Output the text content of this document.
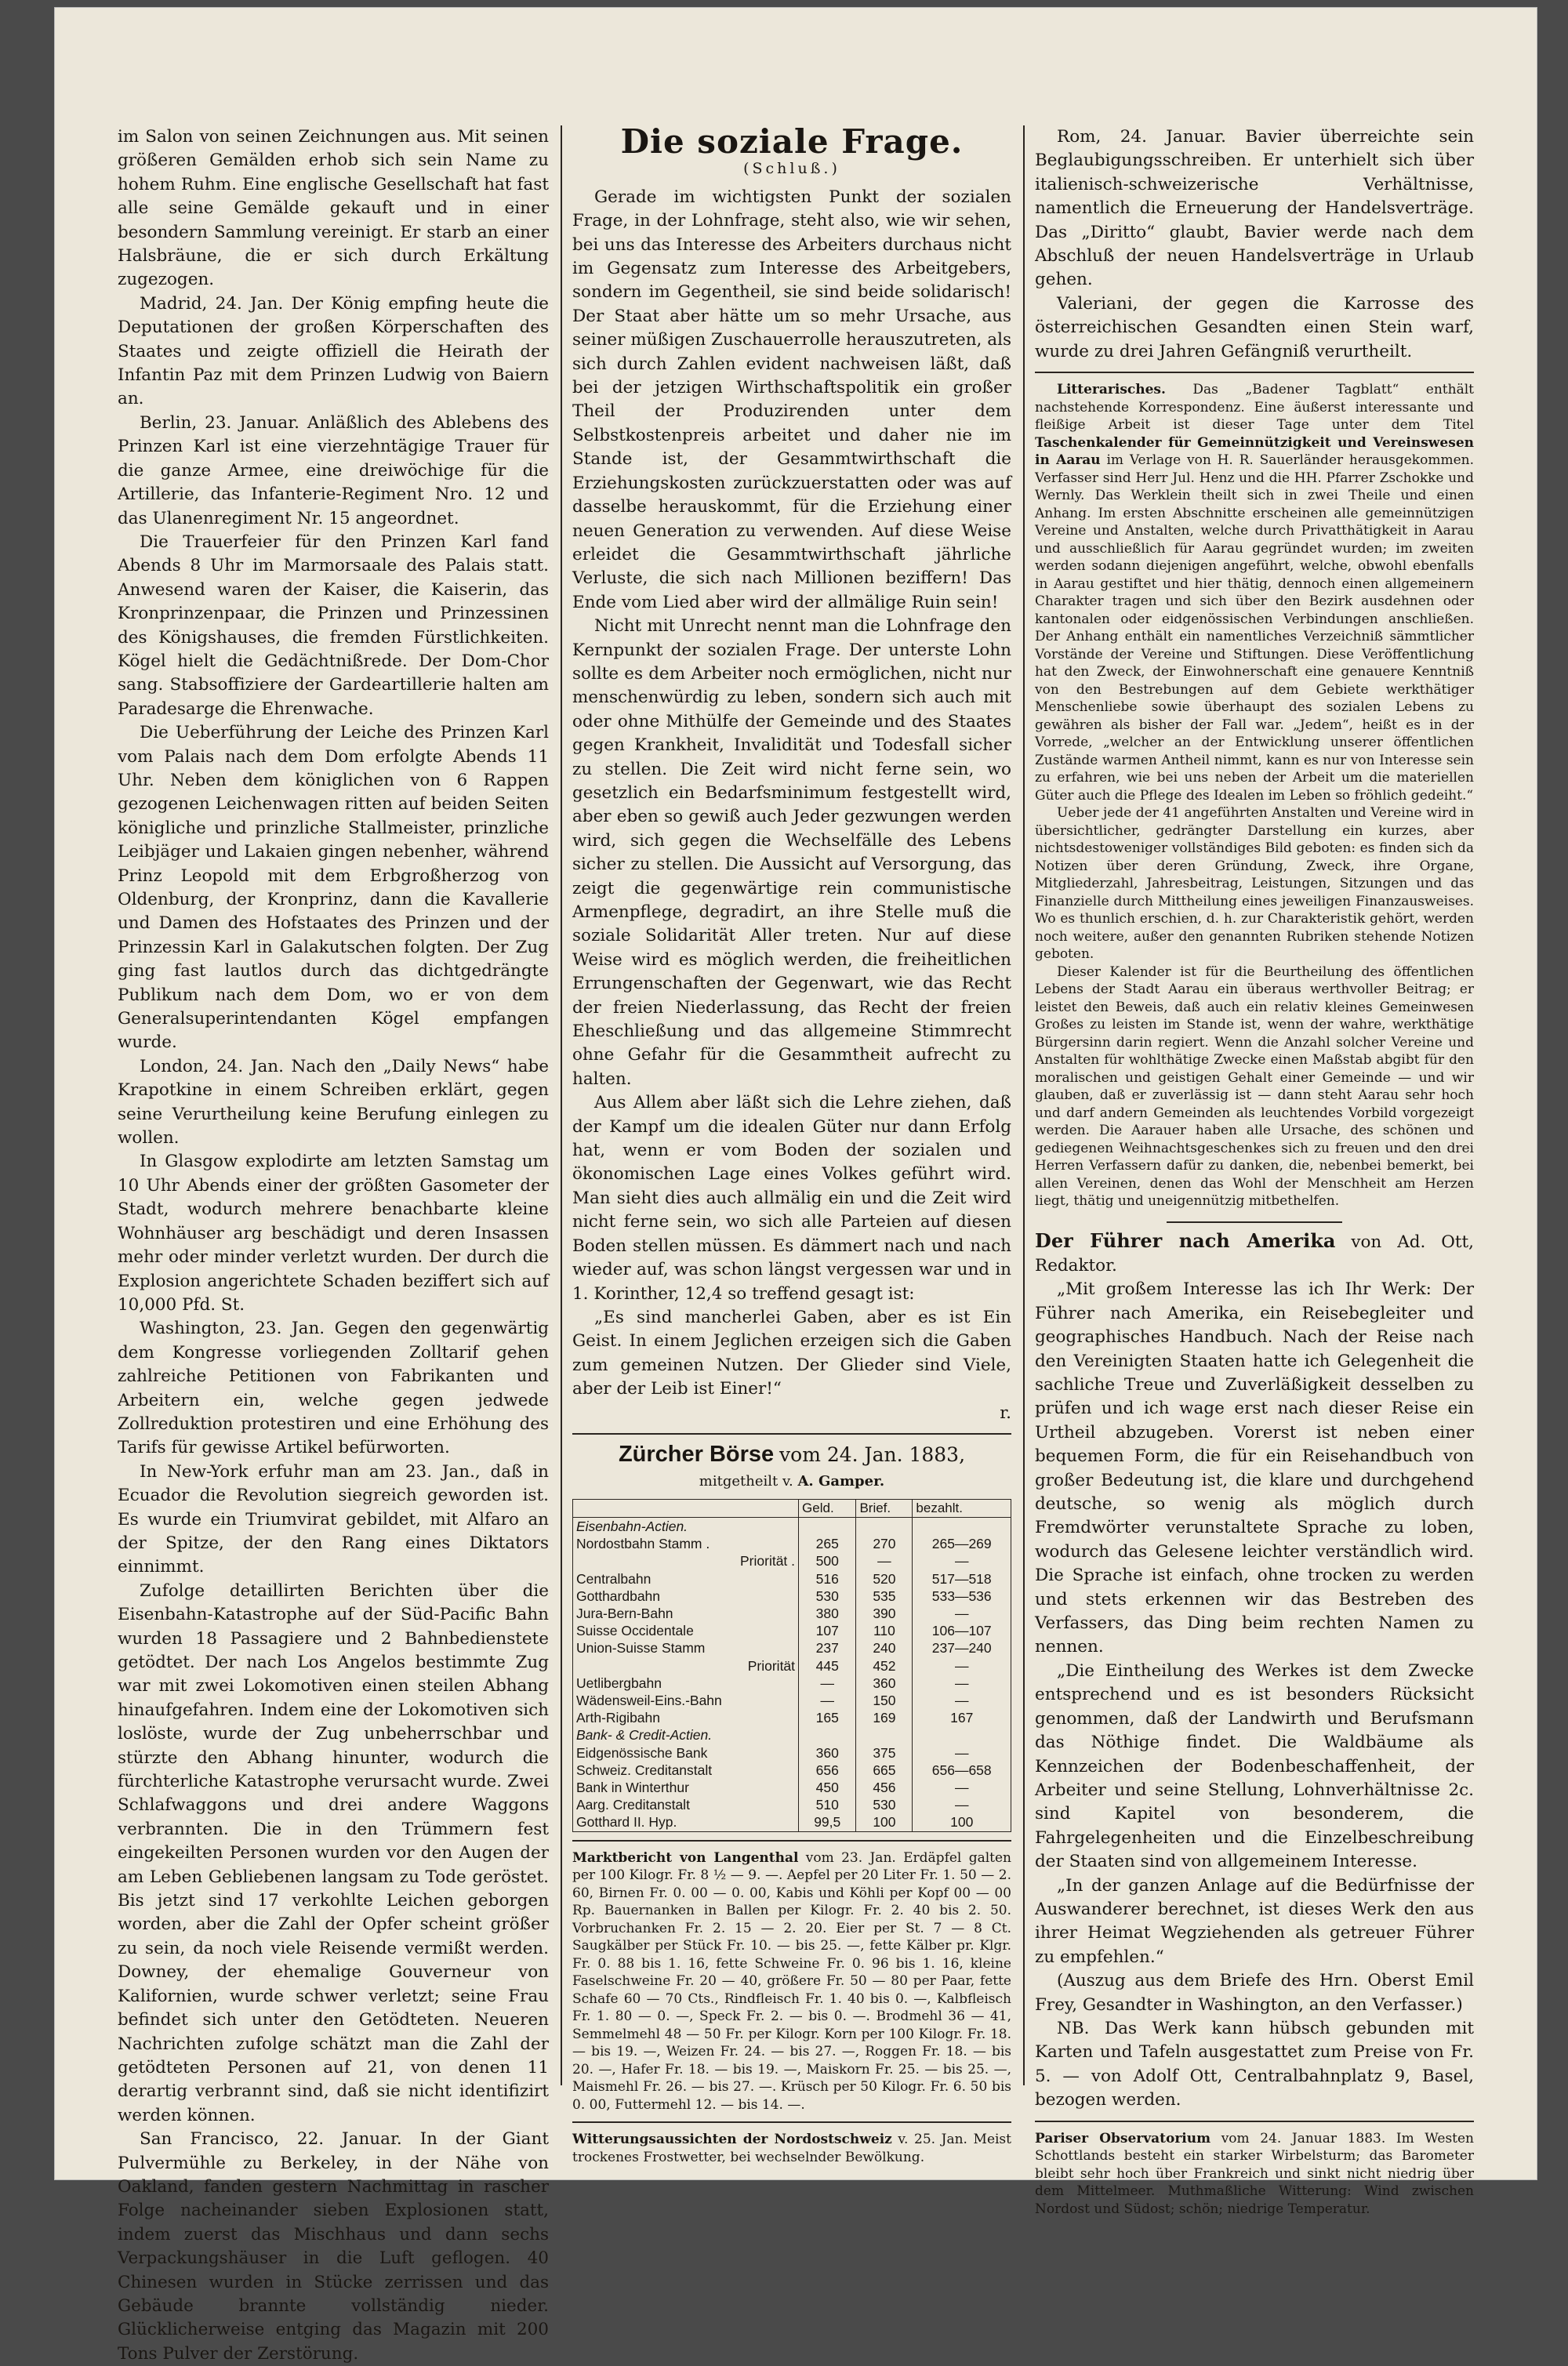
im Salon von seinen Zeichnungen aus. Mit seinen größeren Gemälden erhob sich sein Name zu hohem Ruhm. Eine englische Gesellschaft hat fast alle seine Gemälde gekauft und in einer besondern Sammlung vereinigt. Er starb an einer Halsbräune, die er sich durch Erkältung zugezogen.

Madrid, 24. Jan. Der König empfing heute die Deputationen der großen Körperschaften des Staates und zeigte offiziell die Heirath der Infantin Paz mit dem Prinzen Ludwig von Baiern an.

Berlin, 23. Januar. Anläßlich des Ablebens des Prinzen Karl ist eine vierzehntägige Trauer für die ganze Armee, eine dreiwöchige für die Artillerie, das Infanterie-Regiment Nro. 12 und das Ulanenregiment Nr. 15 angeordnet.

Die Trauerfeier für den Prinzen Karl fand Abends 8 Uhr im Marmorsaale des Palais statt. Anwesend waren der Kaiser, die Kaiserin, das Kronprinzenpaar, die Prinzen und Prinzessinen des Königshauses, die fremden Fürstlichkeiten. Kögel hielt die Gedächtnißrede. Der Dom-Chor sang. Stabsoffiziere der Gardeartillerie halten am Paradesarge die Ehrenwache.

Die Ueberführung der Leiche des Prinzen Karl vom Palais nach dem Dom erfolgte Abends 11 Uhr. Neben dem königlichen von 6 Rappen gezogenen Leichenwagen ritten auf beiden Seiten königliche und prinzliche Stallmeister, prinzliche Leibjäger und Lakaien gingen nebenher, während Prinz Leopold mit dem Erbgroßherzog von Oldenburg, der Kronprinz, dann die Kavallerie und Damen des Hofstaates des Prinzen und der Prinzessin Karl in Galakutschen folgten. Der Zug ging fast lautlos durch das dichtgedrängte Publikum nach dem Dom, wo er von dem Generalsuperintendanten Kögel empfangen wurde.

London, 24. Jan. Nach den „Daily News“ habe Krapotkine in einem Schreiben erklärt, gegen seine Verurtheilung keine Berufung einlegen zu wollen.

In Glasgow explodirte am letzten Samstag um 10 Uhr Abends einer der größten Gasometer der Stadt, wodurch mehrere benachbarte kleine Wohnhäuser arg beschädigt und deren Insassen mehr oder minder verletzt wurden. Der durch die Explosion angerichtete Schaden beziffert sich auf 10,000 Pfd. St.

Washington, 23. Jan. Gegen den gegenwärtig dem Kongresse vorliegenden Zolltarif gehen zahlreiche Petitionen von Fabrikanten und Arbeitern ein, welche gegen jedwede Zollreduktion protestiren und eine Erhöhung des Tarifs für gewisse Artikel befürworten.

In New-York erfuhr man am 23. Jan., daß in Ecuador die Revolution siegreich geworden ist. Es wurde ein Triumvirat gebildet, mit Alfaro an der Spitze, der den Rang eines Diktators einnimmt.

Zufolge detaillirten Berichten über die Eisenbahn-Katastrophe auf der Süd-Pacific Bahn wurden 18 Passagiere und 2 Bahnbedienstete getödtet. Der nach Los Angelos bestimmte Zug war mit zwei Lokomotiven einen steilen Abhang hinaufgefahren. Indem eine der Lokomotiven sich loslöste, wurde der Zug unbeherrschbar und stürzte den Abhang hinunter, wodurch die fürchterliche Katastrophe verursacht wurde. Zwei Schlafwaggons und drei andere Waggons verbrannten. Die in den Trümmern fest eingekeilten Personen wurden vor den Augen der am Leben Gebliebenen langsam zu Tode geröstet. Bis jetzt sind 17 verkohlte Leichen geborgen worden, aber die Zahl der Opfer scheint größer zu sein, da noch viele Reisende vermißt werden. Downey, der ehemalige Gouverneur von Kalifornien, wurde schwer verletzt; seine Frau befindet sich unter den Getödteten. Neueren Nachrichten zufolge schätzt man die Zahl der getödteten Personen auf 21, von denen 11 derartig verbrannt sind, daß sie nicht identifizirt werden können.

San Francisco, 22. Januar. In der Giant Pulvermühle zu Berkeley, in der Nähe von Oakland, fanden gestern Nachmittag in rascher Folge nacheinander sieben Explosionen statt, indem zuerst das Mischhaus und dann sechs Verpackungshäuser in die Luft geflogen. 40 Chinesen wurden in Stücke zerrissen und das Gebäude brannte vollständig nieder. Glücklicherweise entging das Magazin mit 200 Tons Pulver der Zerstörung.

Die soziale Frage.
(Schluß.)

Gerade im wichtigsten Punkt der sozialen Frage, in der Lohnfrage, steht also, wie wir sehen, bei uns das Interesse des Arbeiters durchaus nicht im Gegensatz zum Interesse des Arbeitgebers, sondern im Gegentheil, sie sind beide solidarisch! Der Staat aber hätte um so mehr Ursache, aus seiner müßigen Zuschauerrolle herauszutreten, als sich durch Zahlen evident nachweisen läßt, daß bei der jetzigen Wirthschaftspolitik ein großer Theil der Produzirenden unter dem Selbstkostenpreis arbeitet und daher nie im Stande ist, der Gesammtwirthschaft die Erziehungskosten zurückzuerstatten oder was auf dasselbe herauskommt, für die Erziehung einer neuen Generation zu verwenden. Auf diese Weise erleidet die Gesammtwirthschaft jährliche Verluste, die sich nach Millionen beziffern! Das Ende vom Lied aber wird der allmälige Ruin sein!

Nicht mit Unrecht nennt man die Lohnfrage den Kernpunkt der sozialen Frage. Der unterste Lohn sollte es dem Arbeiter noch ermöglichen, nicht nur menschenwürdig zu leben, sondern sich auch mit oder ohne Mithülfe der Gemeinde und des Staates gegen Krankheit, Invalidität und Todesfall sicher zu stellen. Die Zeit wird nicht ferne sein, wo gesetzlich ein Bedarfsminimum festgestellt wird, aber eben so gewiß auch Jeder gezwungen werden wird, sich gegen die Wechselfälle des Lebens sicher zu stellen. Die Aussicht auf Versorgung, das zeigt die gegenwärtige rein communistische Armenpflege, degradirt, an ihre Stelle muß die soziale Solidarität Aller treten. Nur auf diese Weise wird es möglich werden, die freiheitlichen Errungenschaften der Gegenwart, wie das Recht der freien Niederlassung, das Recht der freien Eheschließung und das allgemeine Stimmrecht ohne Gefahr für die Gesammtheit aufrecht zu halten.

Aus Allem aber läßt sich die Lehre ziehen, daß der Kampf um die idealen Güter nur dann Erfolg hat, wenn er vom Boden der sozialen und ökonomischen Lage eines Volkes geführt wird. Man sieht dies auch allmälig ein und die Zeit wird nicht ferne sein, wo sich alle Parteien auf diesen Boden stellen müssen. Es dämmert nach und nach wieder auf, was schon längst vergessen war und in 1. Korinther, 12,4 so treffend gesagt ist:

„Es sind mancherlei Gaben, aber es ist Ein Geist. In einem Jeglichen erzeigen sich die Gaben zum gemeinen Nutzen. Der Glieder sind Viele, aber der Leib ist Einer!“

r.
Zürcher Börse vom 24. Jan. 1883,
mitgetheilt v. A. Gamper.
	Geld.	Brief.	bezahlt.
Eisenbahn-Actien.			
Nordostbahn Stamm .	265	270	265—269
Priorität .	500	—	—
Centralbahn	516	520	517—518
Gotthardbahn	530	535	533—536
Jura-Bern-Bahn	380	390	—
Suisse Occidentale	107	110	106—107
Union-Suisse Stamm	237	240	237—240
Priorität	445	452	—
Uetlibergbahn	—	360	—
Wädensweil-Eins.-Bahn	—	150	—
Arth-Rigibahn	165	169	167
Bank- & Credit-Actien.			
Eidgenössische Bank	360	375	—
Schweiz. Creditanstalt	656	665	656—658
Bank in Winterthur	450	456	—
Aarg. Creditanstalt	510	530	—
Gotthard II. Hyp.	99,5	100	100
Marktbericht von Langenthal vom 23. Jan. Erdäpfel galten per 100 Kilogr. Fr. 8 ½ — 9. —. Aepfel per 20 Liter Fr. 1. 50 — 2. 60, Birnen Fr. 0. 00 — 0. 00, Kabis und Köhli per Kopf 00 — 00 Rp. Bauernanken in Ballen per Kilogr. Fr. 2. 40 bis 2. 50. Vorbruchanken Fr. 2. 15 — 2. 20. Eier per St. 7 — 8 Ct. Saugkälber per Stück Fr. 10. — bis 25. —, fette Kälber pr. Klgr. Fr. 0. 88 bis 1. 16, fette Schweine Fr. 0. 96 bis 1. 16, kleine Faselschweine Fr. 20 — 40, größere Fr. 50 — 80 per Paar, fette Schafe 60 — 70 Cts., Rindfleisch Fr. 1. 40 bis 0. —, Kalbfleisch Fr. 1. 80 — 0. —, Speck Fr. 2. — bis 0. —. Brodmehl 36 — 41, Semmelmehl 48 — 50 Fr. per Kilogr. Korn per 100 Kilogr. Fr. 18. — bis 19. —, Weizen Fr. 24. — bis 27. —, Roggen Fr. 18. — bis 20. —, Hafer Fr. 18. — bis 19. —, Maiskorn Fr. 25. — bis 25. —, Maismehl Fr. 26. — bis 27. —. Krüsch per 50 Kilogr. Fr. 6. 50 bis 0. 00, Futtermehl 12. — bis 14. —.
Witterungsaussichten der Nordostschweiz v. 25. Jan. Meist trockenes Frostwetter, bei wechselnder Bewölkung.

Rom, 24. Januar. Bavier überreichte sein Beglaubigungsschreiben. Er unterhielt sich über italienisch-schweizerische Verhältnisse, namentlich die Erneuerung der Handelsverträge. Das „Diritto“ glaubt, Bavier werde nach dem Abschluß der neuen Handelsverträge in Urlaub gehen.

Valeriani, der gegen die Karrosse des österreichischen Gesandten einen Stein warf, wurde zu drei Jahren Gefängniß verurtheilt.

Litterarisches. Das „Badener Tagblatt“ enthält nachstehende Korrespondenz. Eine äußerst interessante und fleißige Arbeit ist dieser Tage unter dem Titel Taschenkalender für Gemeinnützigkeit und Vereinswesen in Aarau im Verlage von H. R. Sauerländer herausgekommen. Verfasser sind Herr Jul. Henz und die HH. Pfarrer Zschokke und Wernly. Das Werklein theilt sich in zwei Theile und einen Anhang. Im ersten Abschnitte erscheinen alle gemeinnützigen Vereine und Anstalten, welche durch Privatthätigkeit in Aarau und ausschließlich für Aarau gegründet wurden; im zweiten werden sodann diejenigen angeführt, welche, obwohl ebenfalls in Aarau gestiftet und hier thätig, dennoch einen allgemeinern Charakter tragen und sich über den Bezirk ausdehnen oder kantonalen oder eidgenössischen Verbindungen anschließen. Der Anhang enthält ein namentliches Verzeichniß sämmtlicher Vorstände der Vereine und Stiftungen. Diese Veröffentlichung hat den Zweck, der Einwohnerschaft eine genauere Kenntniß von den Bestrebungen auf dem Gebiete werkthätiger Menschenliebe sowie überhaupt des sozialen Lebens zu gewähren als bisher der Fall war. „Jedem“, heißt es in der Vorrede, „welcher an der Entwicklung unserer öffentlichen Zustände warmen Antheil nimmt, kann es nur von Interesse sein zu erfahren, wie bei uns neben der Arbeit um die materiellen Güter auch die Pflege des Idealen im Leben so fröhlich gedeiht.“

Ueber jede der 41 angeführten Anstalten und Vereine wird in übersichtlicher, gedrängter Darstellung ein kurzes, aber nichtsdestoweniger vollständiges Bild geboten: es finden sich da Notizen über deren Gründung, Zweck, ihre Organe, Mitgliederzahl, Jahresbeitrag, Leistungen, Sitzungen und das Finanzielle durch Mittheilung eines jeweiligen Finanzausweises. Wo es thunlich erschien, d. h. zur Charakteristik gehört, werden noch weitere, außer den genannten Rubriken stehende Notizen geboten.

Dieser Kalender ist für die Beurtheilung des öffentlichen Lebens der Stadt Aarau ein überaus werthvoller Beitrag; er leistet den Beweis, daß auch ein relativ kleines Gemeinwesen Großes zu leisten im Stande ist, wenn der wahre, werkthätige Bürgersinn darin regiert. Wenn die Anzahl solcher Vereine und Anstalten für wohlthätige Zwecke einen Maßstab abgibt für den moralischen und geistigen Gehalt einer Gemeinde — und wir glauben, daß er zuverlässig ist — dann steht Aarau sehr hoch und darf andern Gemeinden als leuchtendes Vorbild vorgezeigt werden. Die Aarauer haben alle Ursache, des schönen und gediegenen Weihnachtsgeschenkes sich zu freuen und den drei Herren Verfassern dafür zu danken, die, nebenbei bemerkt, bei allen Vereinen, denen das Wohl der Menschheit am Herzen liegt, thätig und uneigennützig mitbethelfen.

Der Führer nach Amerika von Ad. Ott, Redaktor.

„Mit großem Interesse las ich Ihr Werk: Der Führer nach Amerika, ein Reisebegleiter und geographisches Handbuch. Nach der Reise nach den Vereinigten Staaten hatte ich Gelegenheit die sachliche Treue und Zuverläßigkeit desselben zu prüfen und ich wage erst nach dieser Reise ein Urtheil abzugeben. Vorerst ist neben einer bequemen Form, die für ein Reisehandbuch von großer Bedeutung ist, die klare und durchgehend deutsche, so wenig als möglich durch Fremdwörter verunstaltete Sprache zu loben, wodurch das Gelesene leichter verständlich wird. Die Sprache ist einfach, ohne trocken zu werden und stets erkennen wir das Bestreben des Verfassers, das Ding beim rechten Namen zu nennen.

„Die Eintheilung des Werkes ist dem Zwecke entsprechend und es ist besonders Rücksicht genommen, daß der Landwirth und Berufsmann das Nöthige findet. Die Waldbäume als Kennzeichen der Bodenbeschaffenheit, der Arbeiter und seine Stellung, Lohnverhältnisse 2c. sind Kapitel von besonderem, die Fahrgelegenheiten und die Einzelbeschreibung der Staaten sind von allgemeinem Interesse.

„In der ganzen Anlage auf die Bedürfnisse der Auswanderer berechnet, ist dieses Werk den aus ihrer Heimat Wegziehenden als getreuer Führer zu empfehlen.“

(Auszug aus dem Briefe des Hrn. Oberst Emil Frey, Gesandter in Washington, an den Verfasser.)

NB. Das Werk kann hübsch gebunden mit Karten und Tafeln ausgestattet zum Preise von Fr. 5. — von Adolf Ott, Centralbahnplatz 9, Basel, bezogen werden.

Pariser Observatorium vom 24. Januar 1883. Im Westen Schottlands besteht ein starker Wirbelsturm; das Barometer bleibt sehr hoch über Frankreich und sinkt nicht niedrig über dem Mittelmeer. Muthmaßliche Witterung: Wind zwischen Nordost und Südost; schön; niedrige Temperatur.
